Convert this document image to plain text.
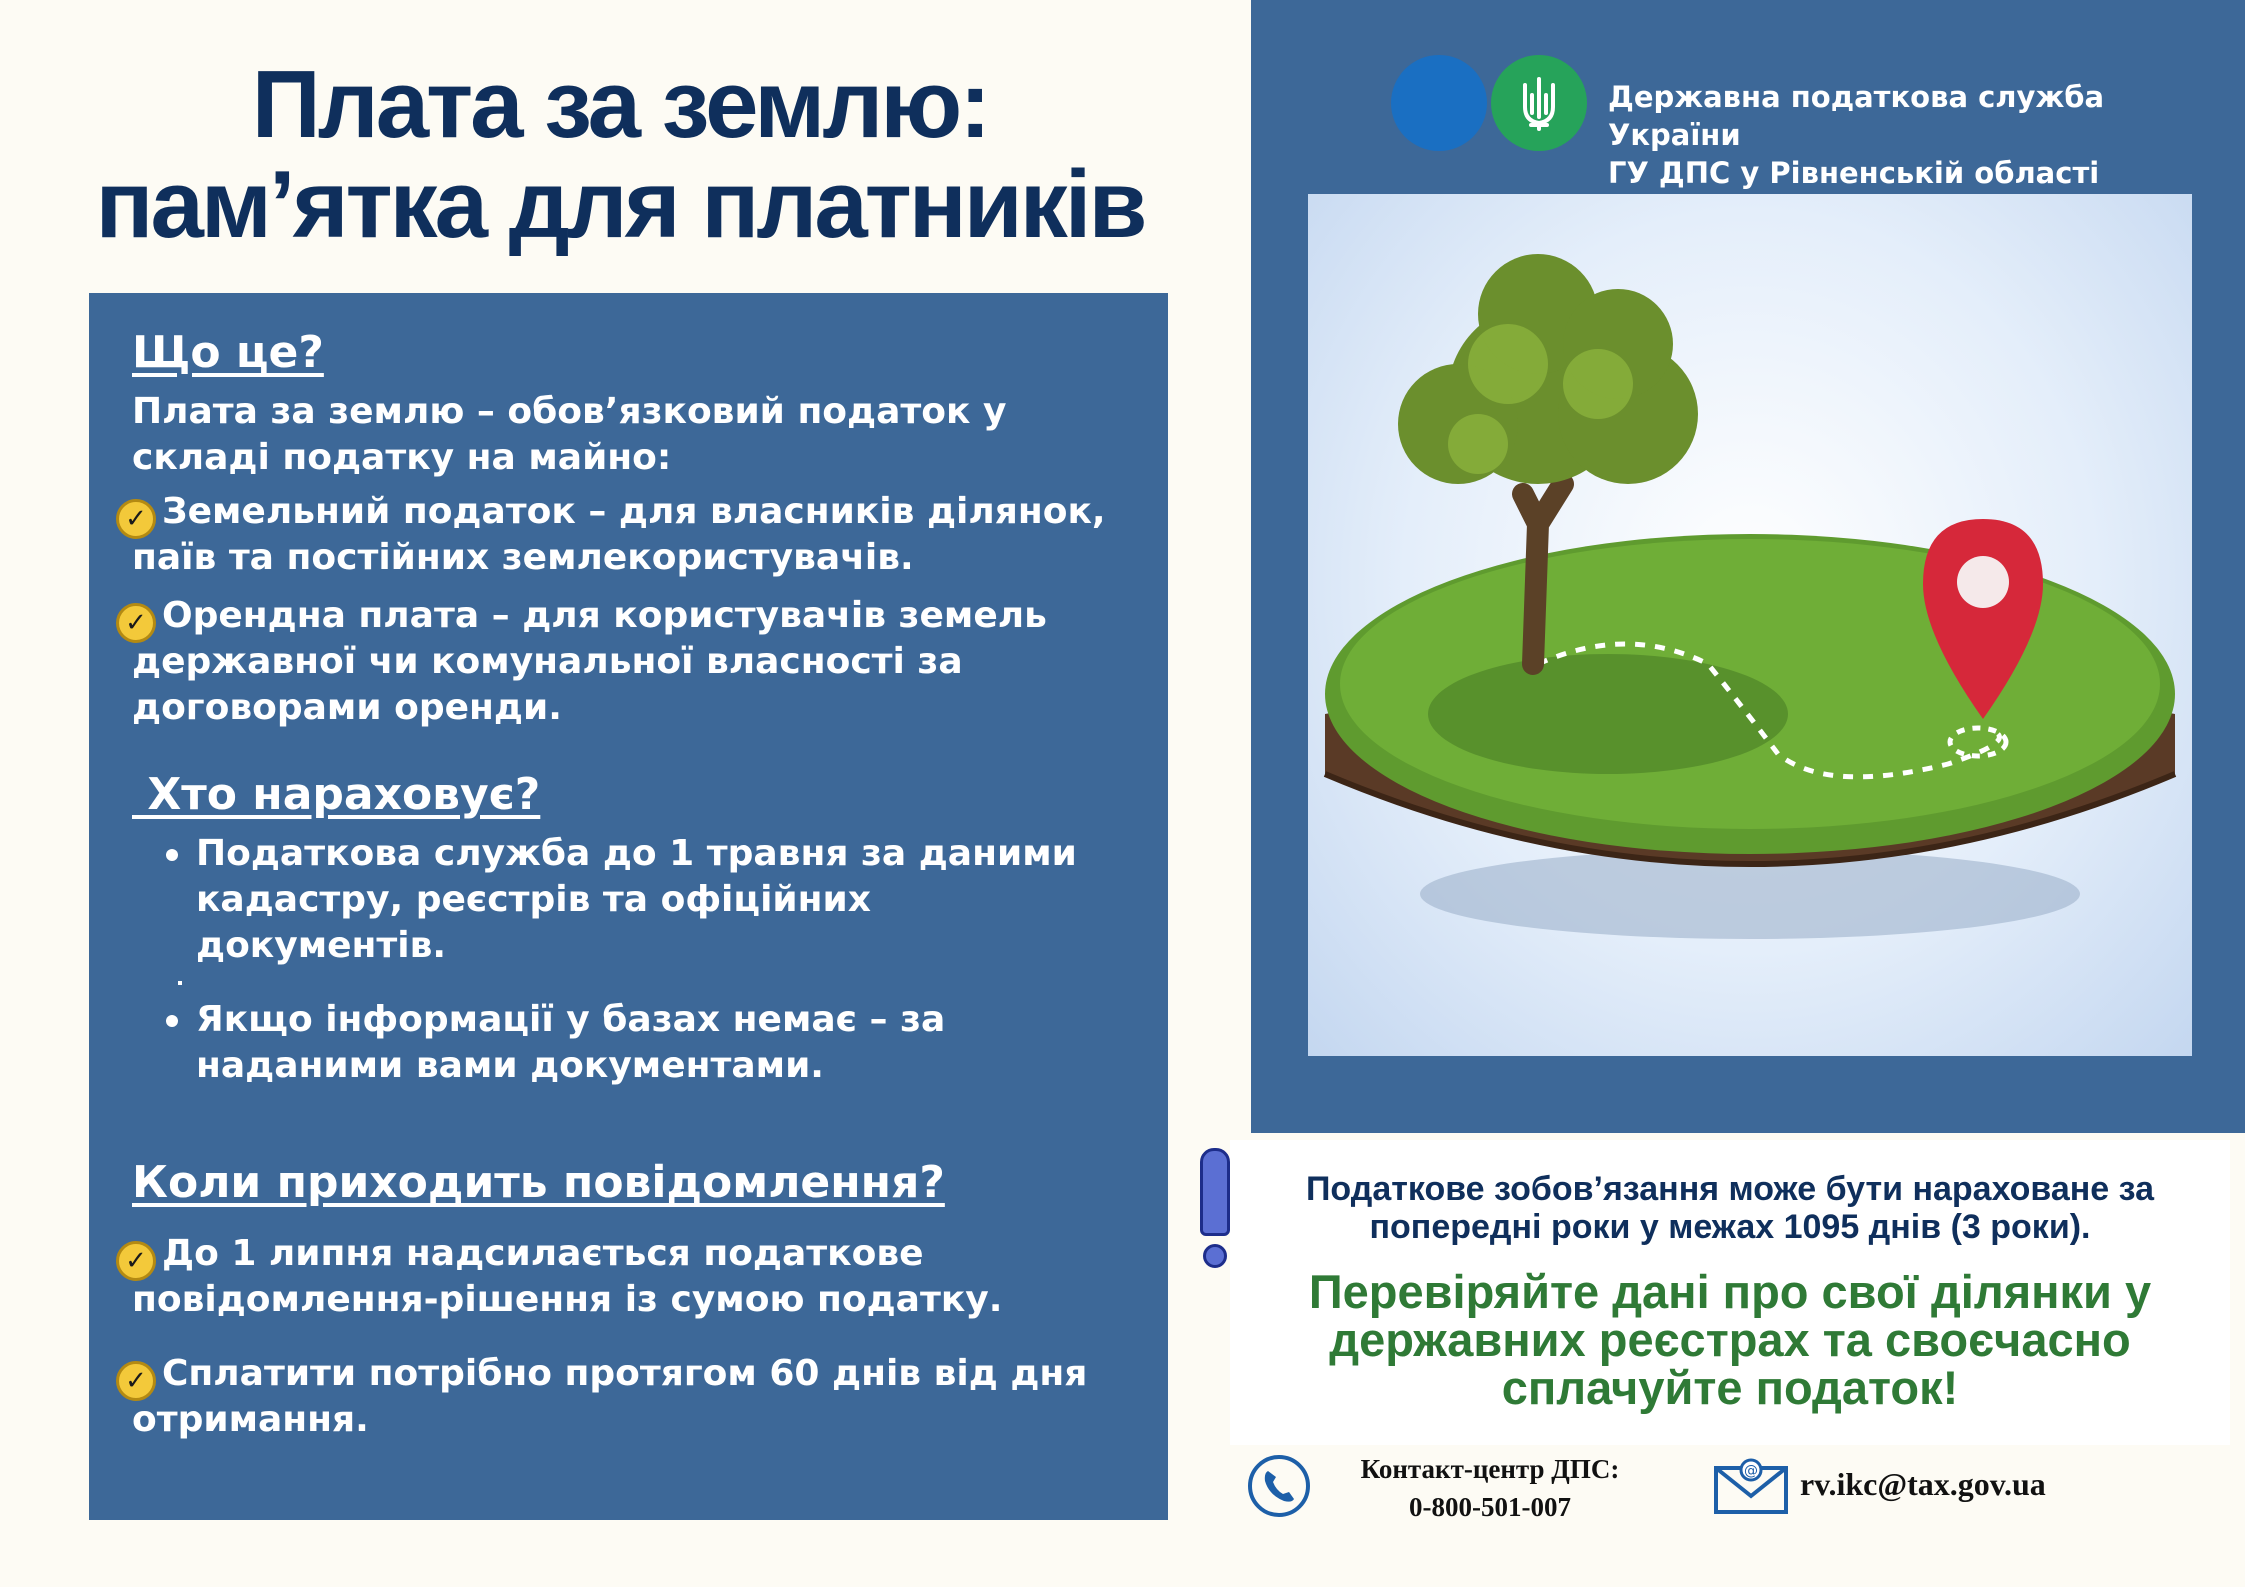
Плата за землю:
пам’ятка для платників
Що це?
Плата за землю – обов’язковий податок у складі податку на майно:
✓ Земельний податок – для власників ділянок, паїв та постійних землекористувачів.
✓ Орендна плата – для користувачів земель державної чи комунальної власності за договорами оренди.
Хто нараховує?
Податкова служба до 1 травня за даними кадастру, реєстрів та офіційних документів.
Якщо інформації у базах немає – за наданими вами документами.
Коли приходить повідомлення?
✓ До 1 липня надсилається податкове повідомлення-рішення із сумою податку.
✓ Сплатити потрібно протягом 60 днів від дня отримання.
Державна податкова служба України
ГУ ДПС у Рівненській області
Податкове зобов’язання може бути нараховане за попередні роки у межах 1095 днів (3 роки).
Перевіряйте дані про свої ділянки у державних реєстрах та своєчасно сплачуйте податок!
Контакт-центр ДПС:
0-800-501-007
@ rv.ikc@tax.gov.ua
